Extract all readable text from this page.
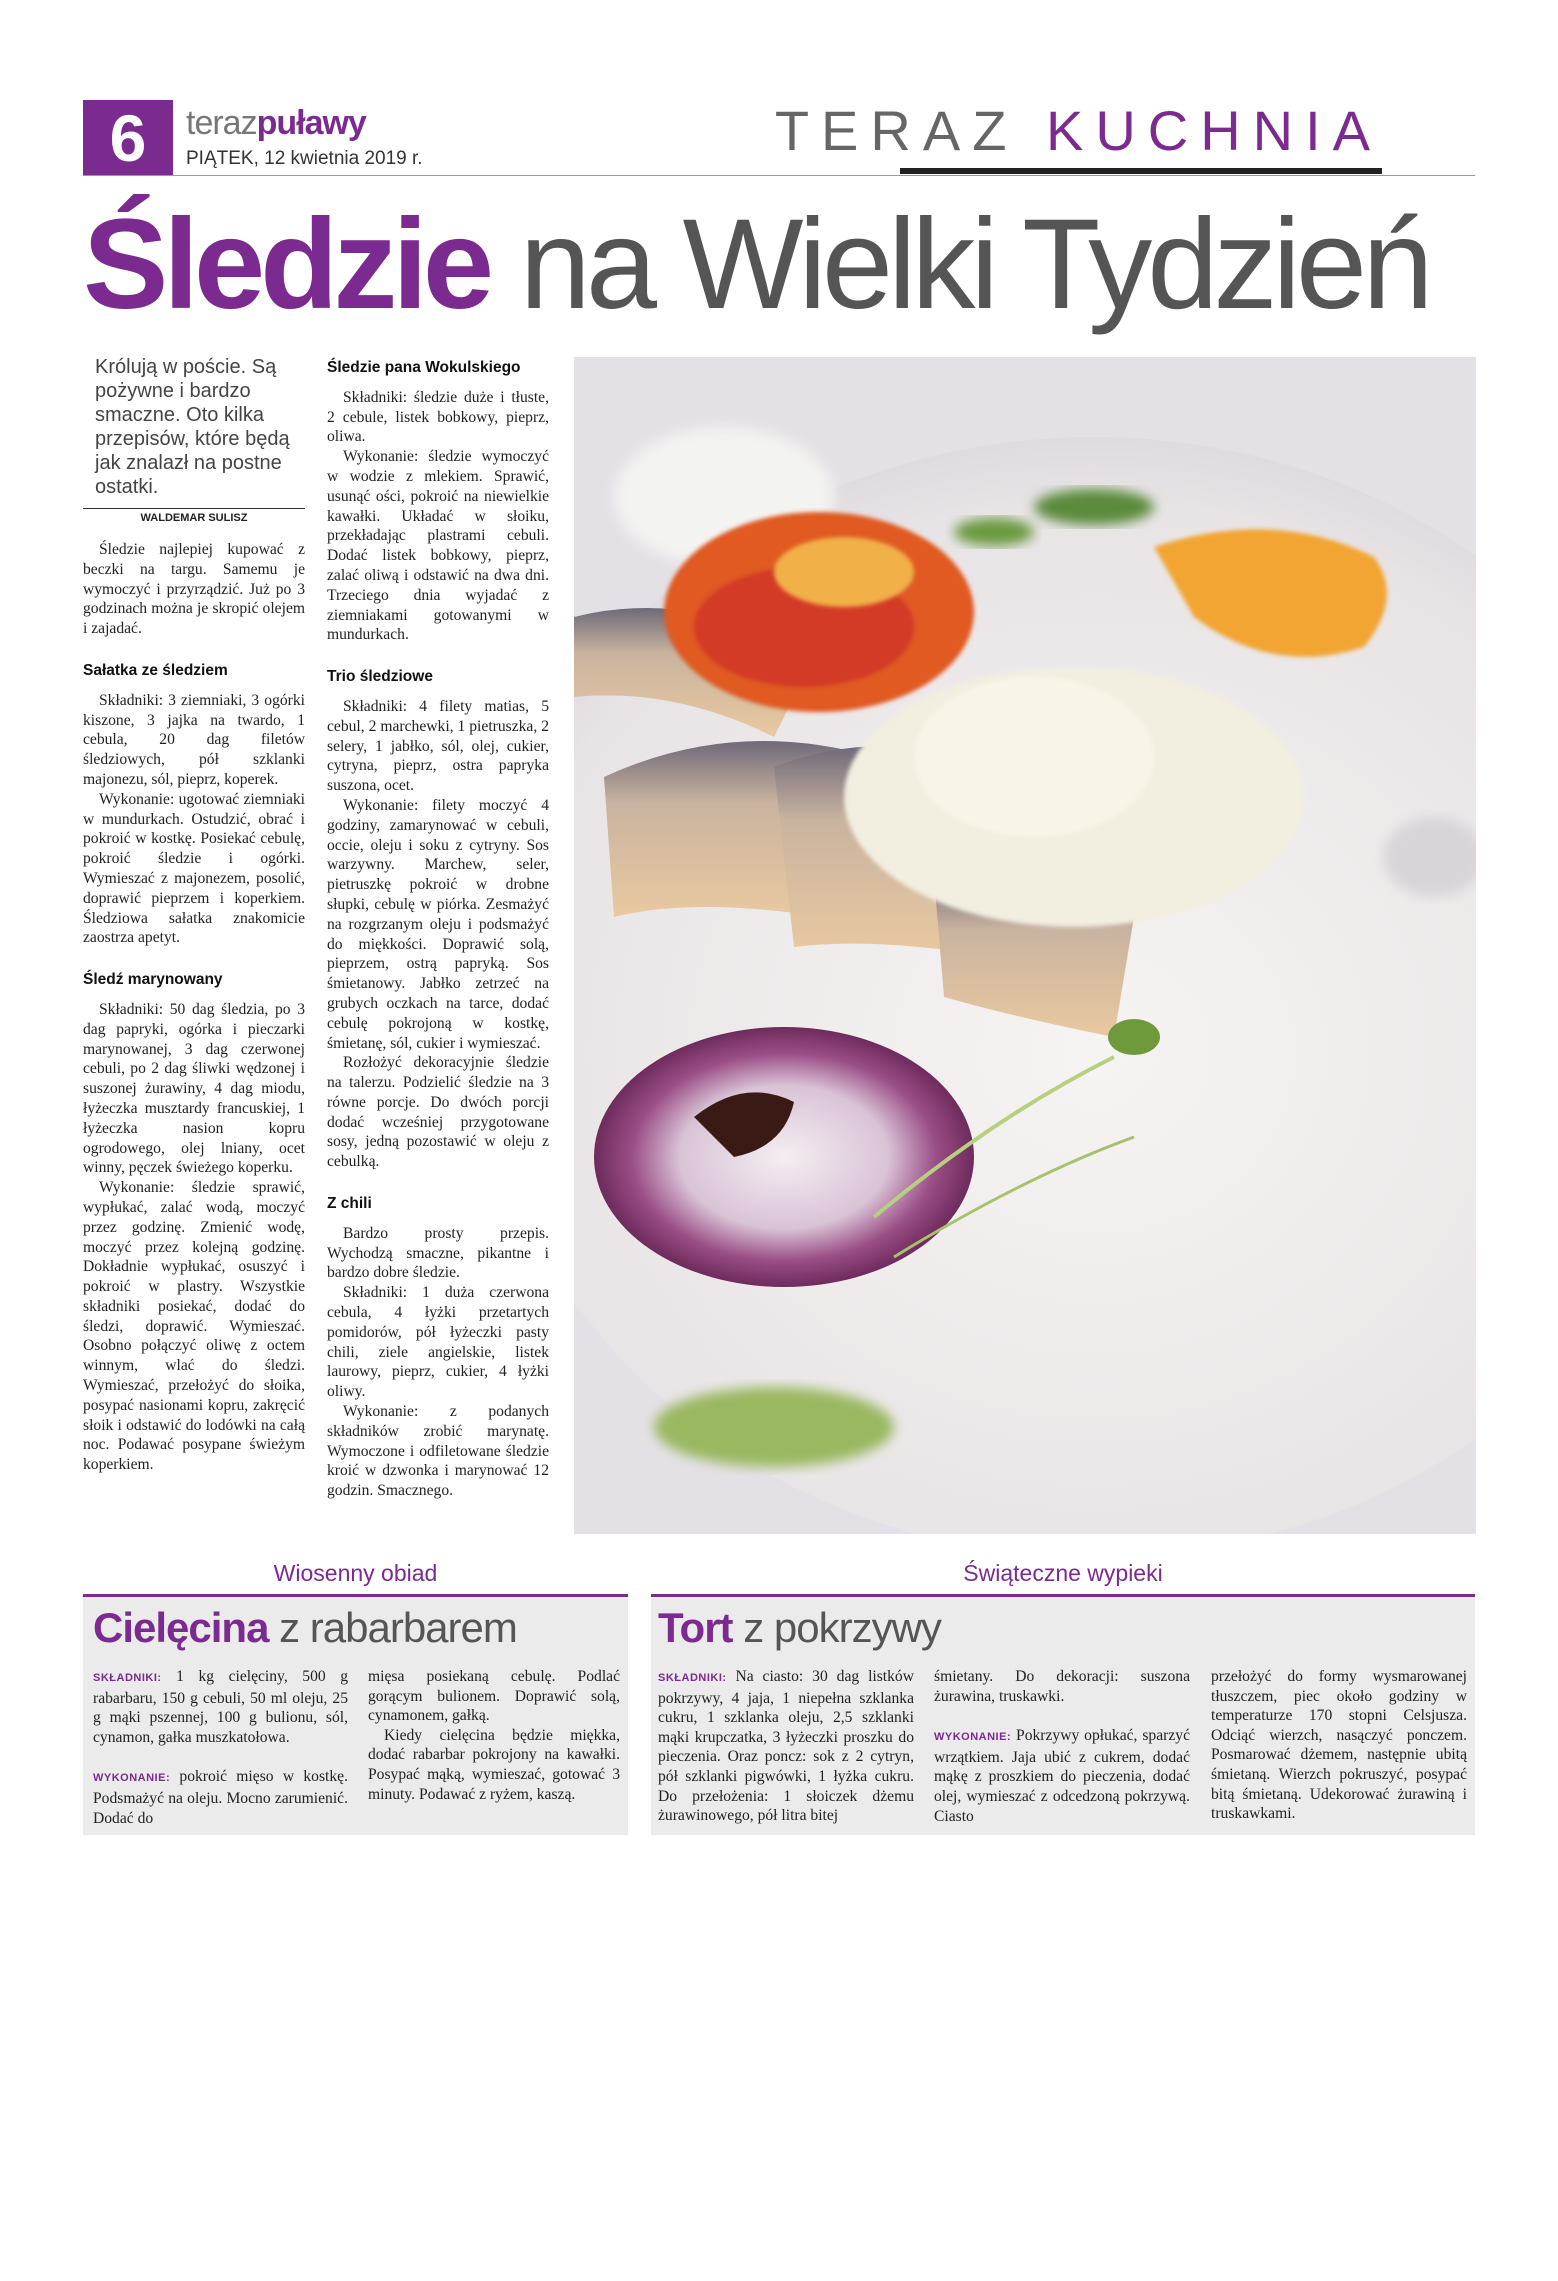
6	terazpuławy
PIĄTEK, 12 kwietnia 2019 r.	TERAZ KUCHNIA
Śledzie na Wielki Tydzień
Królują w poście. Są pożywne i bardzo smaczne. Oto kilka przepisów, które będą jak znalazł na postne ostatki.
WALDEMAR SULISZ

Śledzie najlepiej kupować z beczki na targu. Samemu je wymoczyć i przyrządzić. Już po 3 godzinach można je skropić olejem i zajadać.

Sałatka ze śledziem

Składniki: 3 ziemniaki, 3 ogórki kiszone, 3 jajka na twardo, 1 cebula, 20 dag filetów śledziowych, pół szklanki majonezu, sól, pieprz, koperek.

Wykonanie: ugotować ziemniaki w mundurkach. Ostudzić, obrać i pokroić w kostkę. Posiekać cebulę, pokroić śledzie i ogórki. Wymieszać z majonezem, posolić, doprawić pieprzem i koperkiem. Śledziowa sałatka znakomicie zaostrza apetyt.

Śledź marynowany

Składniki: 50 dag śledzia, po 3 dag papryki, ogórka i pieczarki marynowanej, 3 dag czerwonej cebuli, po 2 dag śliwki wędzonej i suszonej żurawiny, 4 dag miodu, łyżeczka musztardy francuskiej, 1 łyżeczka nasion kopru ogrodowego, olej lniany, ocet winny, pęczek świeżego koperku.

Wykonanie: śledzie sprawić, wypłukać, zalać wodą, moczyć przez godzinę. Zmienić wodę, moczyć przez kolejną godzinę. Dokładnie wypłukać, osuszyć i pokroić w plastry. Wszystkie składniki posiekać, dodać do śledzi, doprawić. Wymieszać. Osobno połączyć oliwę z octem winnym, wlać do śledzi. Wymieszać, przełożyć do słoika, posypać nasionami kopru, zakręcić słoik i odstawić do lodówki na całą noc. Podawać posypane świeżym koperkiem.

Śledzie pana Wokulskiego

Składniki: śledzie duże i tłuste, 2 cebule, listek bobkowy, pieprz, oliwa.

Wykonanie: śledzie wymoczyć w wodzie z mlekiem. Sprawić, usunąć ości, pokroić na niewielkie kawałki. Układać w słoiku, przekładając plastrami cebuli. Dodać listek bobkowy, pieprz, zalać oliwą i odstawić na dwa dni. Trzeciego dnia wyjadać z ziemniakami gotowanymi w mundurkach.

Trio śledziowe

Składniki: 4 filety matias, 5 cebul, 2 marchewki, 1 pietruszka, 2 selery, 1 jabłko, sól, olej, cukier, cytryna, pieprz, ostra papryka suszona, ocet.

Wykonanie: filety moczyć 4 godziny, zamarynować w cebuli, occie, oleju i soku z cytryny. Sos warzywny. Marchew, seler, pietruszkę pokroić w drobne słupki, cebulę w piórka. Zesmażyć na rozgrzanym oleju i podsmażyć do miękkości. Doprawić solą, pieprzem, ostrą papryką. Sos śmietanowy. Jabłko zetrzeć na grubych oczkach na tarce, dodać cebulę pokrojoną w kostkę, śmietanę, sól, cukier i wymieszać.

Rozłożyć dekoracyjnie śledzie na talerzu. Podzielić śledzie na 3 równe porcje. Do dwóch porcji dodać wcześniej przygotowane sosy, jedną pozostawić w oleju z cebulką.

Z chili

Bardzo prosty przepis. Wychodzą smaczne, pikantne i bardzo dobre śledzie.

Składniki: 1 duża czerwona cebula, 4 łyżki przetartych pomidorów, pół łyżeczki pasty chili, ziele angielskie, listek laurowy, pieprz, cukier, 4 łyżki oliwy.

Wykonanie: z podanych składników zrobić marynatę. Wymoczone i odfiletowane śledzie kroić w dzwonka i marynować 12 godzin. Smacznego.

Wiosenny obiad
Cielęcina z rabarbarem

SKŁADNIKI: 1 kg cielęciny, 500 g rabarbaru, 150 g cebuli, 50 ml oleju, 25 g mąki pszennej, 100 g bulionu, sól, cynamon, gałka muszkatołowa.

WYKONANIE: pokroić mięso w kostkę. Podsmażyć na oleju. Mocno zarumienić. Dodać do

mięsa posiekaną cebulę. Podlać gorącym bulionem. Doprawić solą, cynamonem, gałką.

Kiedy cielęcina będzie miękka, dodać rabarbar pokrojony na kawałki. Posypać mąką, wymieszać, gotować 3 minuty. Podawać z ryżem, kaszą.

Świąteczne wypieki
Tort z pokrzywy

SKŁADNIKI: Na ciasto: 30 dag listków pokrzywy, 4 jaja, 1 niepełna szklanka cukru, 1 szklanka oleju, 2,5 szklanki mąki krupczatka, 3 łyżeczki proszku do pieczenia. Oraz poncz: sok z 2 cytryn, pół szklanki pigwówki, 1 łyżka cukru. Do przełożenia: 1 słoiczek dżemu żurawinowego, pół litra bitej

śmietany. Do dekoracji: suszona żurawina, truskawki.

WYKONANIE: Pokrzywy opłukać, sparzyć wrzątkiem. Jaja ubić z cukrem, dodać mąkę z proszkiem do pieczenia, dodać olej, wymieszać z odcedzoną pokrzywą. Ciasto

przełożyć do formy wysmarowanej tłuszczem, piec około godziny w temperaturze 170 stopni Celsjusza. Odciąć wierzch, nasączyć ponczem. Posmarować dżemem, następnie ubitą śmietaną. Wierzch pokruszyć, posypać bitą śmietaną. Udekorować żurawiną i truskawkami.
